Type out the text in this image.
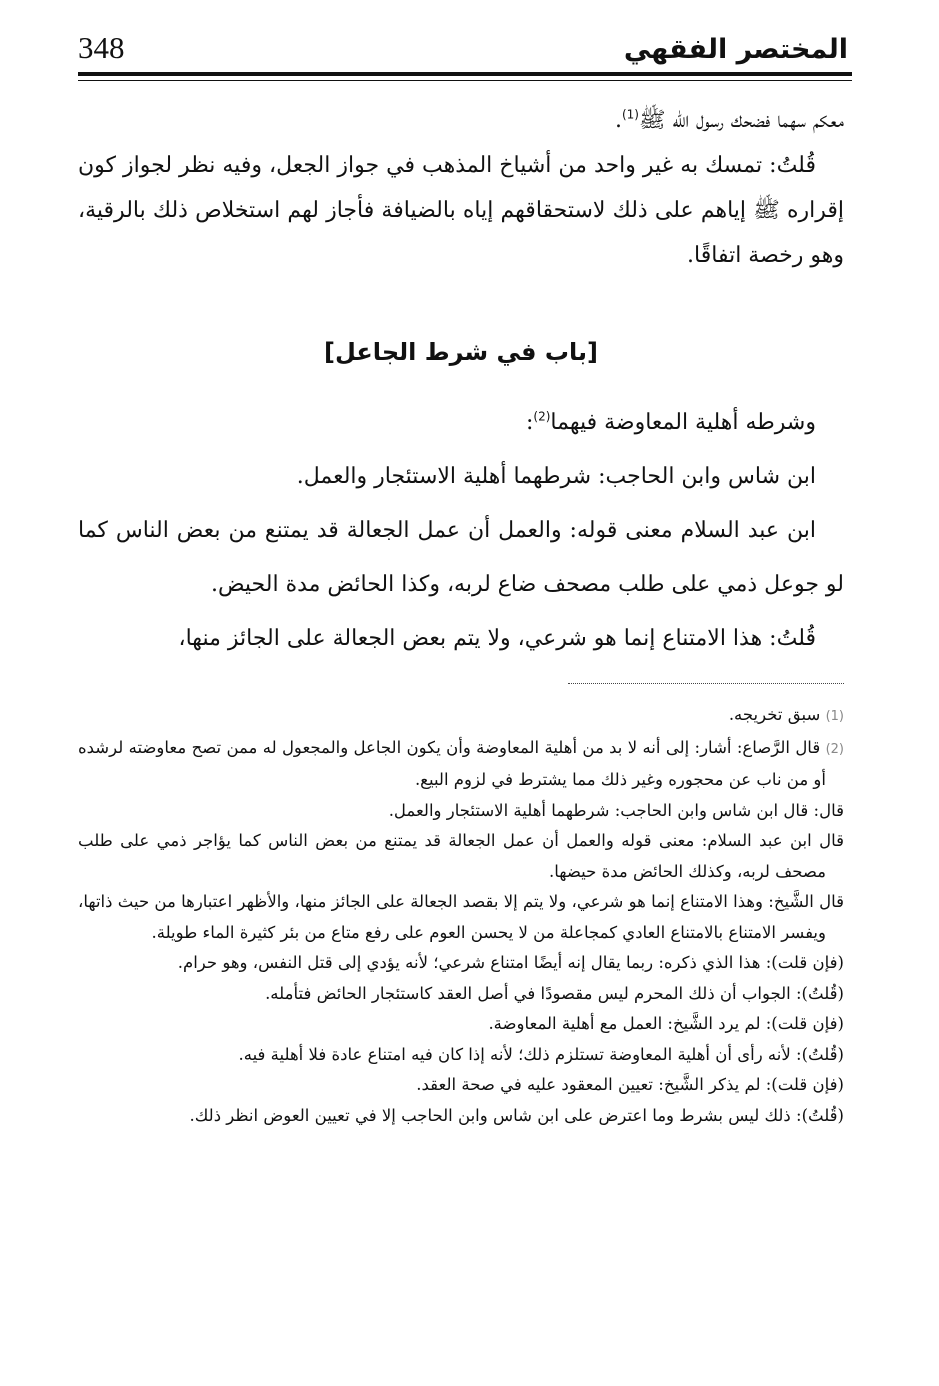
348	المختصر الفقهي

معكم سهما فضحك رسول الله ﷺ$^{(1)}$.

قُلتُ: تمسك به غير واحد من أشياخ المذهب في جواز الجعل، وفيه نظر لجواز كون إقراره ﷺ إياهم على ذلك لاستحقاقهم إياه بالضيافة فأجاز لهم استخلاص ذلك بالرقية، وهو رخصة اتفاقًا.

[باب في شرط الجاعل]

وشرطه أهلية المعاوضة فيهما$^{(2)}$:

ابن شاس وابن الحاجب: شرطهما أهلية الاستئجار والعمل.

ابن عبد السلام معنى قوله: والعمل أن عمل الجعالة قد يمتنع من بعض الناس كما لو جوعل ذمي على طلب مصحف ضاع لربه، وكذا الحائض مدة الحيض.

قُلتُ: هذا الامتناع إنما هو شرعي، ولا يتم بعض الجعالة على الجائز منها،

(1) سبق تخريجه.

(2) قال الرَّصاع: أشار: إلى أنه لا بد من أهلية المعاوضة وأن يكون الجاعل والمجعول له ممن تصح معاوضته لرشده أو من ناب عن محجوره وغير ذلك مما يشترط في لزوم البيع.

قال: قال ابن شاس وابن الحاجب: شرطهما أهلية الاستئجار والعمل.

قال ابن عبد السلام: معنى قوله والعمل أن عمل الجعالة قد يمتنع من بعض الناس كما يؤاجر ذمي على طلب مصحف لربه، وكذلك الحائض مدة حيضها.

قال الشَّيخ: وهذا الامتناع إنما هو شرعي، ولا يتم إلا بقصد الجعالة على الجائز منها، والأظهر اعتبارها من حيث ذاتها، ويفسر الامتناع بالامتناع العادي كمجاعلة من لا يحسن العوم على رفع متاع من بئر كثيرة الماء طويلة.

(فإن قلت): هذا الذي ذكره: ربما يقال إنه أيضًا امتناع شرعي؛ لأنه يؤدي إلى قتل النفس، وهو حرام.

(قُلتُ): الجواب أن ذلك المحرم ليس مقصودًا في أصل العقد كاستئجار الحائض فتأمله.

(فإن قلت): لم يرد الشَّيخ: العمل مع أهلية المعاوضة.

(قُلتُ): لأنه رأى أن أهلية المعاوضة تستلزم ذلك؛ لأنه إذا كان فيه امتناع عادة فلا أهلية فيه.

(فإن قلت): لم يذكر الشَّيخ: تعيين المعقود عليه في صحة العقد.

(قُلتُ): ذلك ليس بشرط وما اعترض على ابن شاس وابن الحاجب إلا في تعيين العوض انظر ذلك.
